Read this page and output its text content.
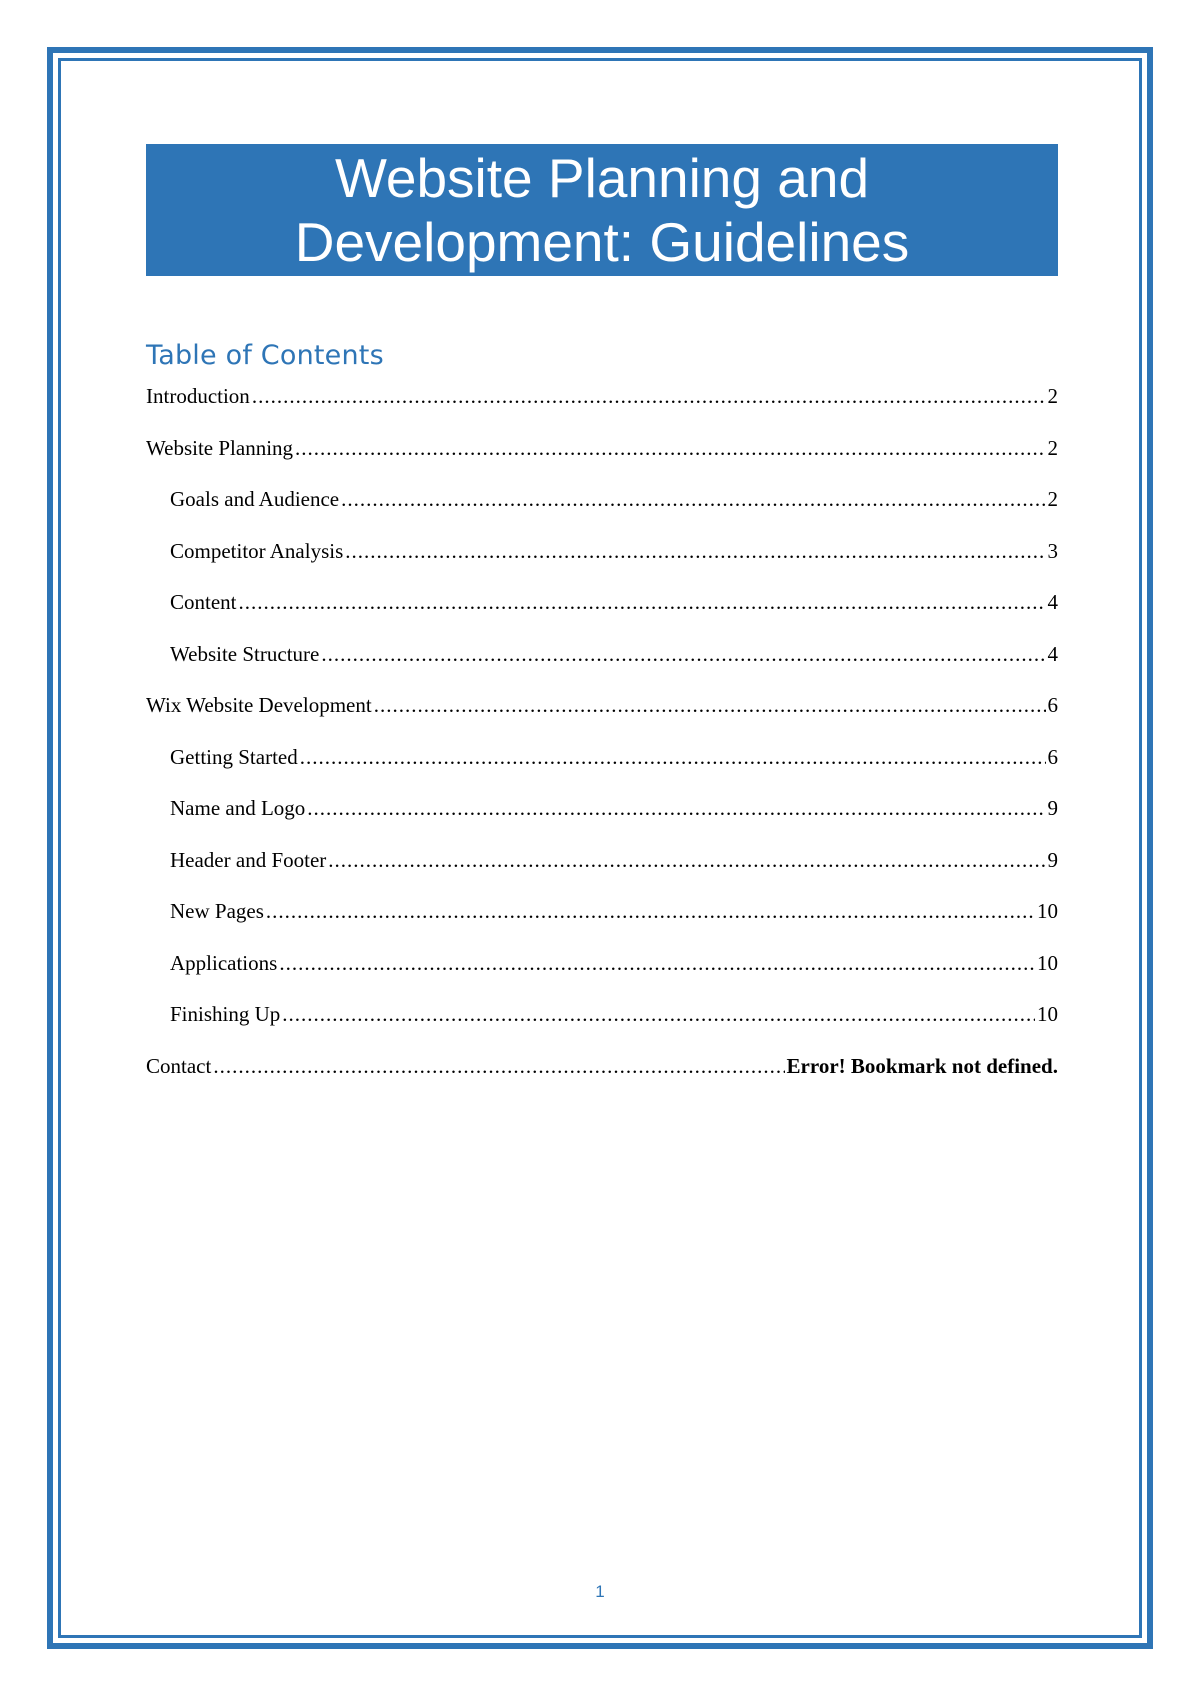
Website Planning and
Development: Guidelines
Table of Contents
Introduction .....	2
Website Planning .....	2
Goals and Audience .....	2
Competitor Analysis .....	3
Content .....	4
Website Structure .....	4
Wix Website Development .....	6
Getting Started .....	6
Name and Logo .....	9
Header and Footer .....	9
New Pages .....	10
Applications .....	10
Finishing Up .....	10
Contact .....	Error! Bookmark not defined.
1
